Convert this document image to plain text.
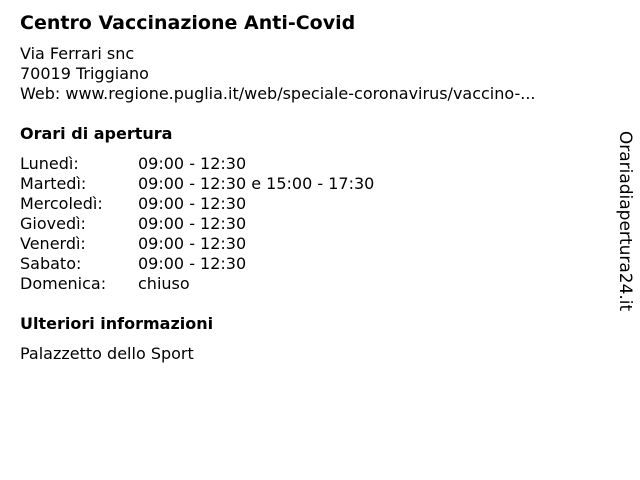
Centro Vaccinazione Anti-Covid
Via Ferrari snc
70019 Triggiano
Web: www.regione.puglia.it/web/speciale-coronavirus/vaccino-...
Orari di apertura
Lunedì:	09:00 - 12:30
Martedì:	09:00 - 12:30 e 15:00 - 17:30
Mercoledì: 09:00 - 12:30
Giovedì:	09:00 - 12:30
Venerdì:	09:00 - 12:30
Sabato:	09:00 - 12:30
Domenica: chiuso
Ulteriori informazioni
Palazzetto dello Sport
Orariadiapertura24.it
